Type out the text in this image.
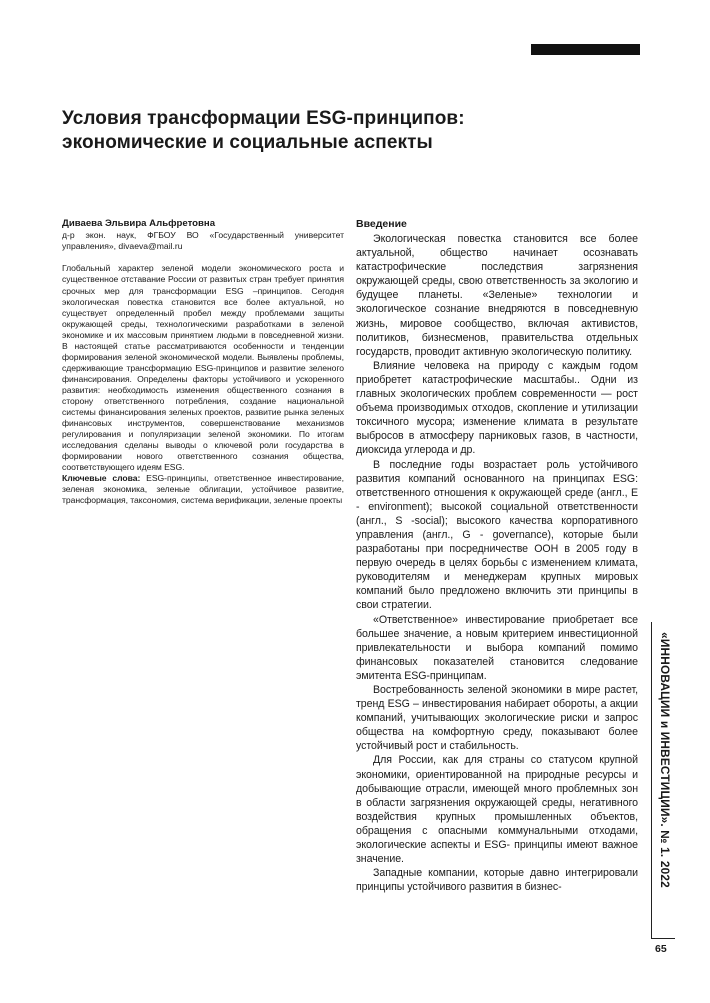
Условия трансформации ESG-принципов:
экономические и социальные аспекты
Диваева Эльвира Альфретовна
д-р экон. наук, ФГБОУ ВО «Государственный университет управления», divaeva@mail.ru
Глобальный характер зеленой модели экономического роста и существенное отставание России от развитых стран требует принятия срочных мер для трансформации ESG –принципов. Сегодня экологическая повестка становится все более актуальной, но существует определенный пробел между проблемами защиты окружающей среды, технологическими разработками в зеленой экономике и их массовым принятием людьми в повседневной жизни. В настоящей статье рассматриваются особенности и тенденции формирования зеленой экономической модели. Выявлены проблемы, сдерживающие трансформацию ESG-принципов и развитие зеленого финансирования. Определены факторы устойчивого и ускоренного развития: необходимость изменения общественного сознания в сторону ответственного потребления, создание национальной системы финансирования зеленых проектов, развитие рынка зеленых финансовых инструментов, совершенствование механизмов регулирования и популяризации зеленой экономики. По итогам исследования сделаны выводы о ключевой роли государства в формировании нового ответственного сознания общества, соответствующего идеям ESG.
Ключевые слова: ESG-принципы, ответственное инвестирование, зеленая экономика, зеленые облигации, устойчивое развитие, трансформация, таксономия, система верификации, зеленые проекты
Введение

Экологическая повестка становится все более актуальной, общество начинает осознавать катастрофические последствия загрязнения окружающей среды, свою ответственность за экологию и будущее планеты. «Зеленые» технологии и экологическое сознание внедряются в повседневную жизнь, мировое сообщество, включая активистов, политиков, бизнесменов, правительства отдельных государств, проводит активную экологическую политику.

Влияние человека на природу с каждым годом приобретет катастрофические масштабы.. Одни из главных экологических проблем современности — рост объема производимых отходов, скопление и утилизации токсичного мусора; изменение климата в результате выбросов в атмосферу парниковых газов, в частности, диоксида углерода и др.

В последние годы возрастает роль устойчивого развития компаний основанного на принципах ESG: ответственного отношения к окружающей среде (англ., E - environment); высокой социальной ответственности (англ., S -social); высокого качества корпоративного управления (англ., G - governance), которые были разработаны при посредничестве ООН в 2005 году в первую очередь в целях борьбы с изменением климата, руководителям и менеджерам крупных мировых компаний было предложено включить эти принципы в свои стратегии.

«Ответственное» инвестирование приобретает все большее значение, а новым критерием инвестиционной привлекательности и выбора компаний помимо финансовых показателей становится следование эмитента ESG-принципам.

Востребованность зеленой экономики в мире растет, тренд ESG – инвестирования набирает обороты, а акции компаний, учитывающих экологические риски и запрос общества на комфортную среду, показывают более устойчивый рост и стабильность.

Для России, как для страны со статусом крупной экономики, ориентированной на природные ресурсы и добывающие отрасли, имеющей много проблемных зон в области загрязнения окружающей среды, негативного воздействия крупных промышленных объектов, обращения с опасными коммунальными отходами, экологические аспекты и ESG- принципы имеют важное значение.

Западные компании, которые давно интегрировали принципы устойчивого развития в бизнес-	«ИННОВАЦИИ и ИНВЕСТИЦИИ». № 1. 2022
65
